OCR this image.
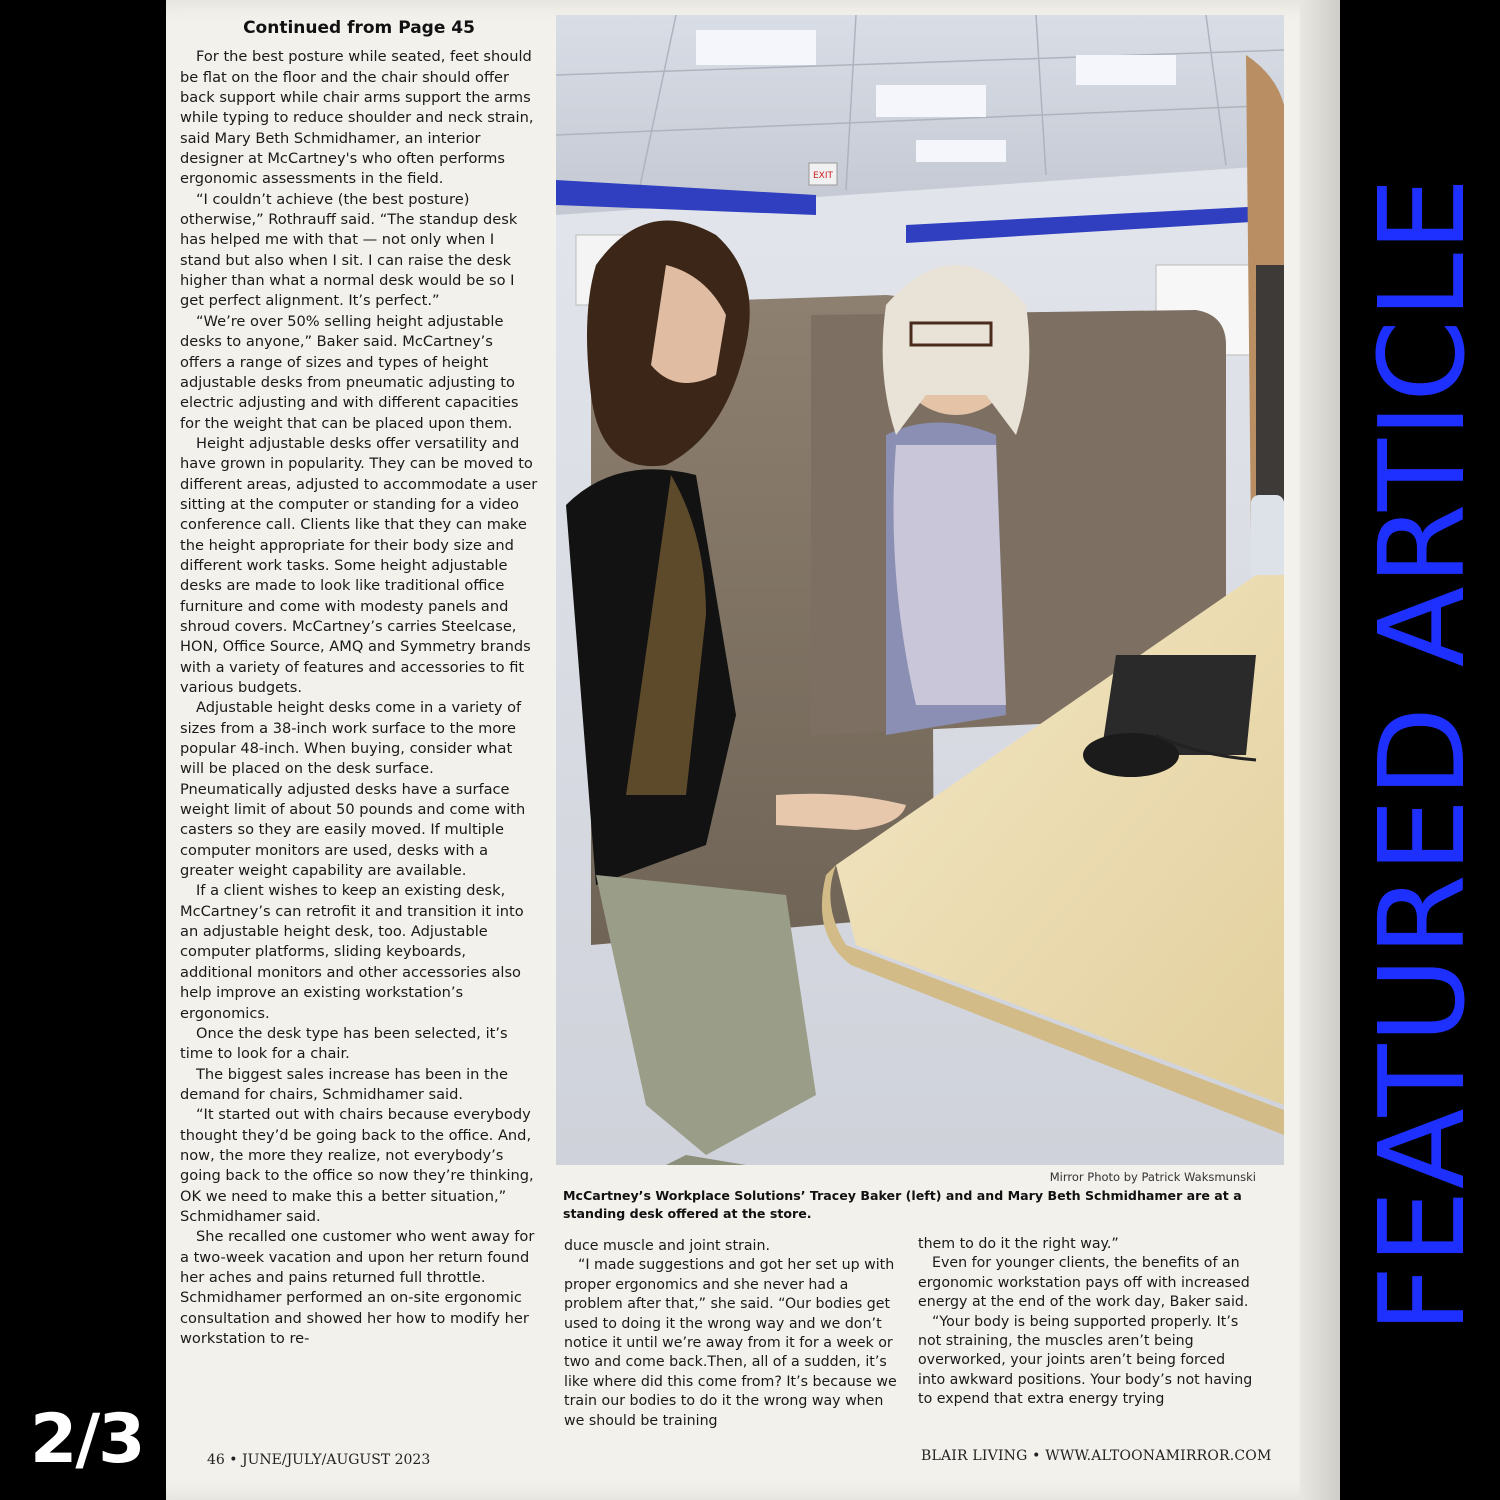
Continued from Page 45

For the best posture while seated, feet should be flat on the floor and the chair should offer back support while chair arms support the arms while typing to reduce shoulder and neck strain, said Mary Beth Schmidhamer, an interior designer at McCartney's who often performs ergonomic assessments in the field.

“I couldn’t achieve (the best posture) otherwise,” Rothrauff said. “The standup desk has helped me with that — not only when I stand but also when I sit. I can raise the desk higher than what a normal desk would be so I get perfect alignment. It’s perfect.”

“We’re over 50% selling height adjustable desks to anyone,” Baker said. McCartney’s offers a range of sizes and types of height adjustable desks from pneumatic adjusting to electric adjusting and with different capacities for the weight that can be placed upon them.

Height adjustable desks offer versatility and have grown in popularity. They can be moved to different areas, adjusted to accommodate a user sitting at the computer or standing for a video conference call. Clients like that they can make the height appropriate for their body size and different work tasks. Some height adjustable desks are made to look like traditional office furniture and come with modesty panels and shroud covers. McCartney’s carries Steelcase, HON, Office Source, AMQ and Symmetry brands with a variety of features and accessories to fit various budgets.

Adjustable height desks come in a variety of sizes from a 38-inch work surface to the more popular 48-inch. When buying, consider what will be placed on the desk surface. Pneumatically adjusted desks have a surface weight limit of about 50 pounds and come with casters so they are easily moved. If multiple computer monitors are used, desks with a greater weight capability are available.

If a client wishes to keep an existing desk, McCartney’s can retrofit it and transition it into an adjustable height desk, too. Adjustable computer platforms, sliding keyboards, additional monitors and other accessories also help improve an existing workstation’s ergonomics.

Once the desk type has been selected, it’s time to look for a chair.

The biggest sales increase has been in the demand for chairs, Schmidhamer said.

“It started out with chairs because everybody thought they’d be going back to the office. And, now, the more they realize, not everybody’s going back to the office so now they’re thinking, OK we need to make this a better situation,” Schmidhamer said.

She recalled one customer who went away for a two-week vacation and upon her return found her aches and pains returned full throttle. Schmidhamer performed an on-site ergonomic consultation and showed her how to modify her workstation to re-

EXIT
Mirror Photo by Patrick Waksmunski
McCartney’s Workplace Solutions’ Tracey Baker (left) and and Mary Beth Schmidhamer are at a standing desk offered at the store.

duce muscle and joint strain.

“I made suggestions and got her set up with proper ergonomics and she never had a problem after that,” she said. “Our bodies get used to doing it the wrong way and we don’t notice it until we’re away from it for a week or two and come back.Then, all of a sudden, it’s like where did this come from? It’s because we train our bodies to do it the wrong way when we should be training

them to do it the right way.”

Even for younger clients, the benefits of an ergonomic workstation pays off with increased energy at the end of the work day, Baker said.

“Your body is being supported properly. It’s not straining, the muscles aren’t being overworked, your joints aren’t being forced into awkward positions. Your body’s not having to expend that extra energy trying

46 • JUNE/JULY/AUGUST 2023	BLAIR LIVING • WWW.ALTOONAMIRROR.COM
2/3
FEATURED ARTICLE
